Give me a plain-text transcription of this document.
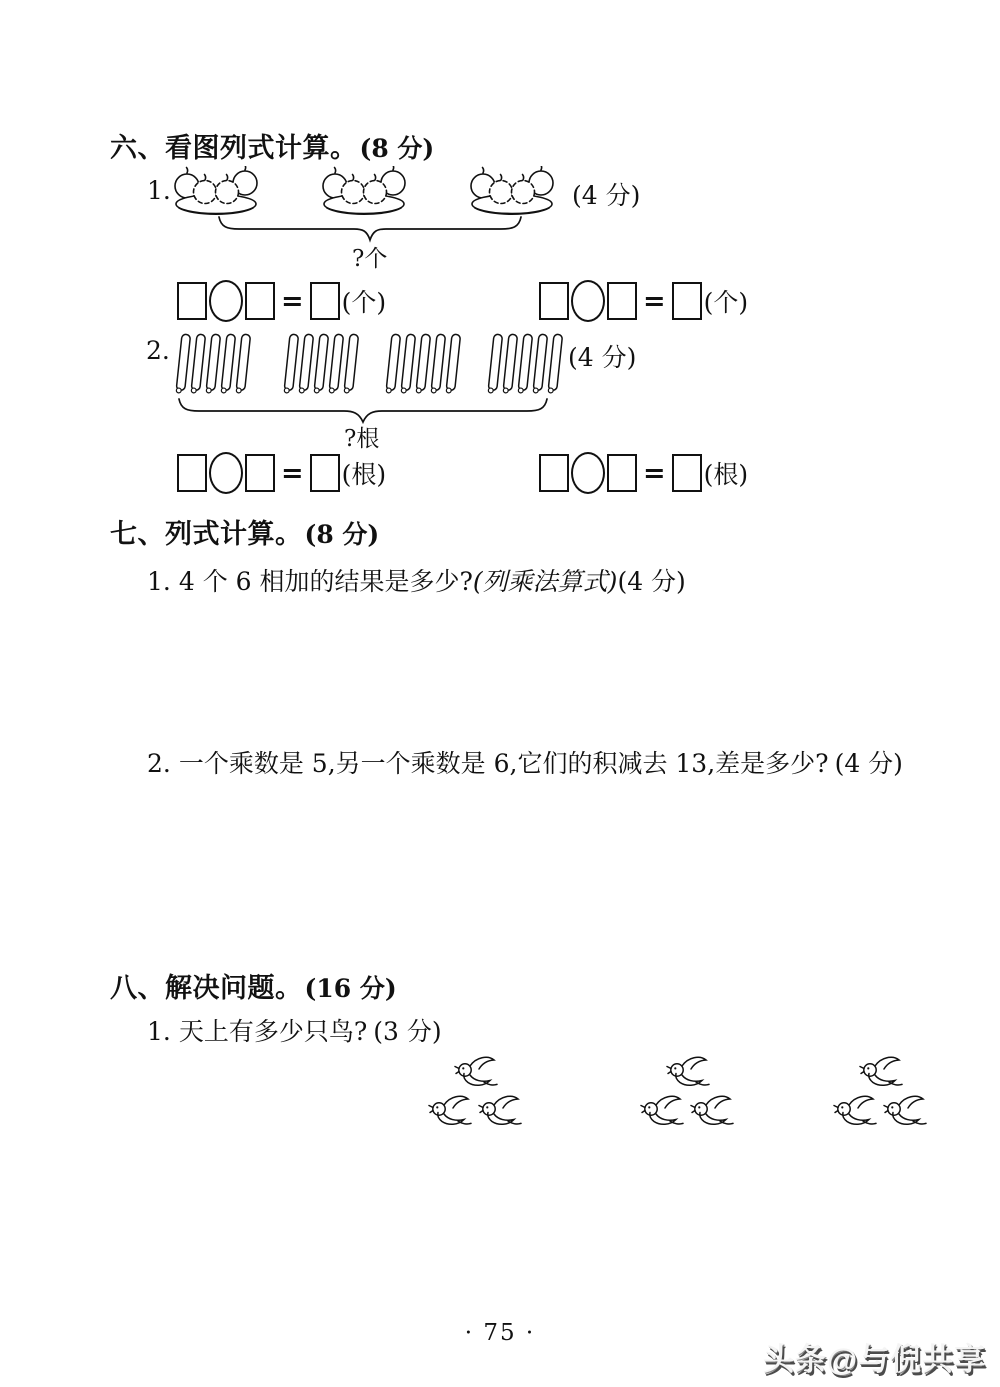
六、看图列式计算。(8 分)
1.	(4 分)
?个
= (个)	= (个)
2.	(4 分)
?根
= (根)	= (根)
七、列式计算。(8 分)
1. 4 个 6 相加的结果是多少?(列乘法算式)(4 分)
2. 一个乘数是 5,另一个乘数是 6,它们的积减去 13,差是多少? (4 分)
八、解决问题。(16 分)
1. 天上有多少只鸟? (3 分)
· 75 ·
头条@与倪共享
